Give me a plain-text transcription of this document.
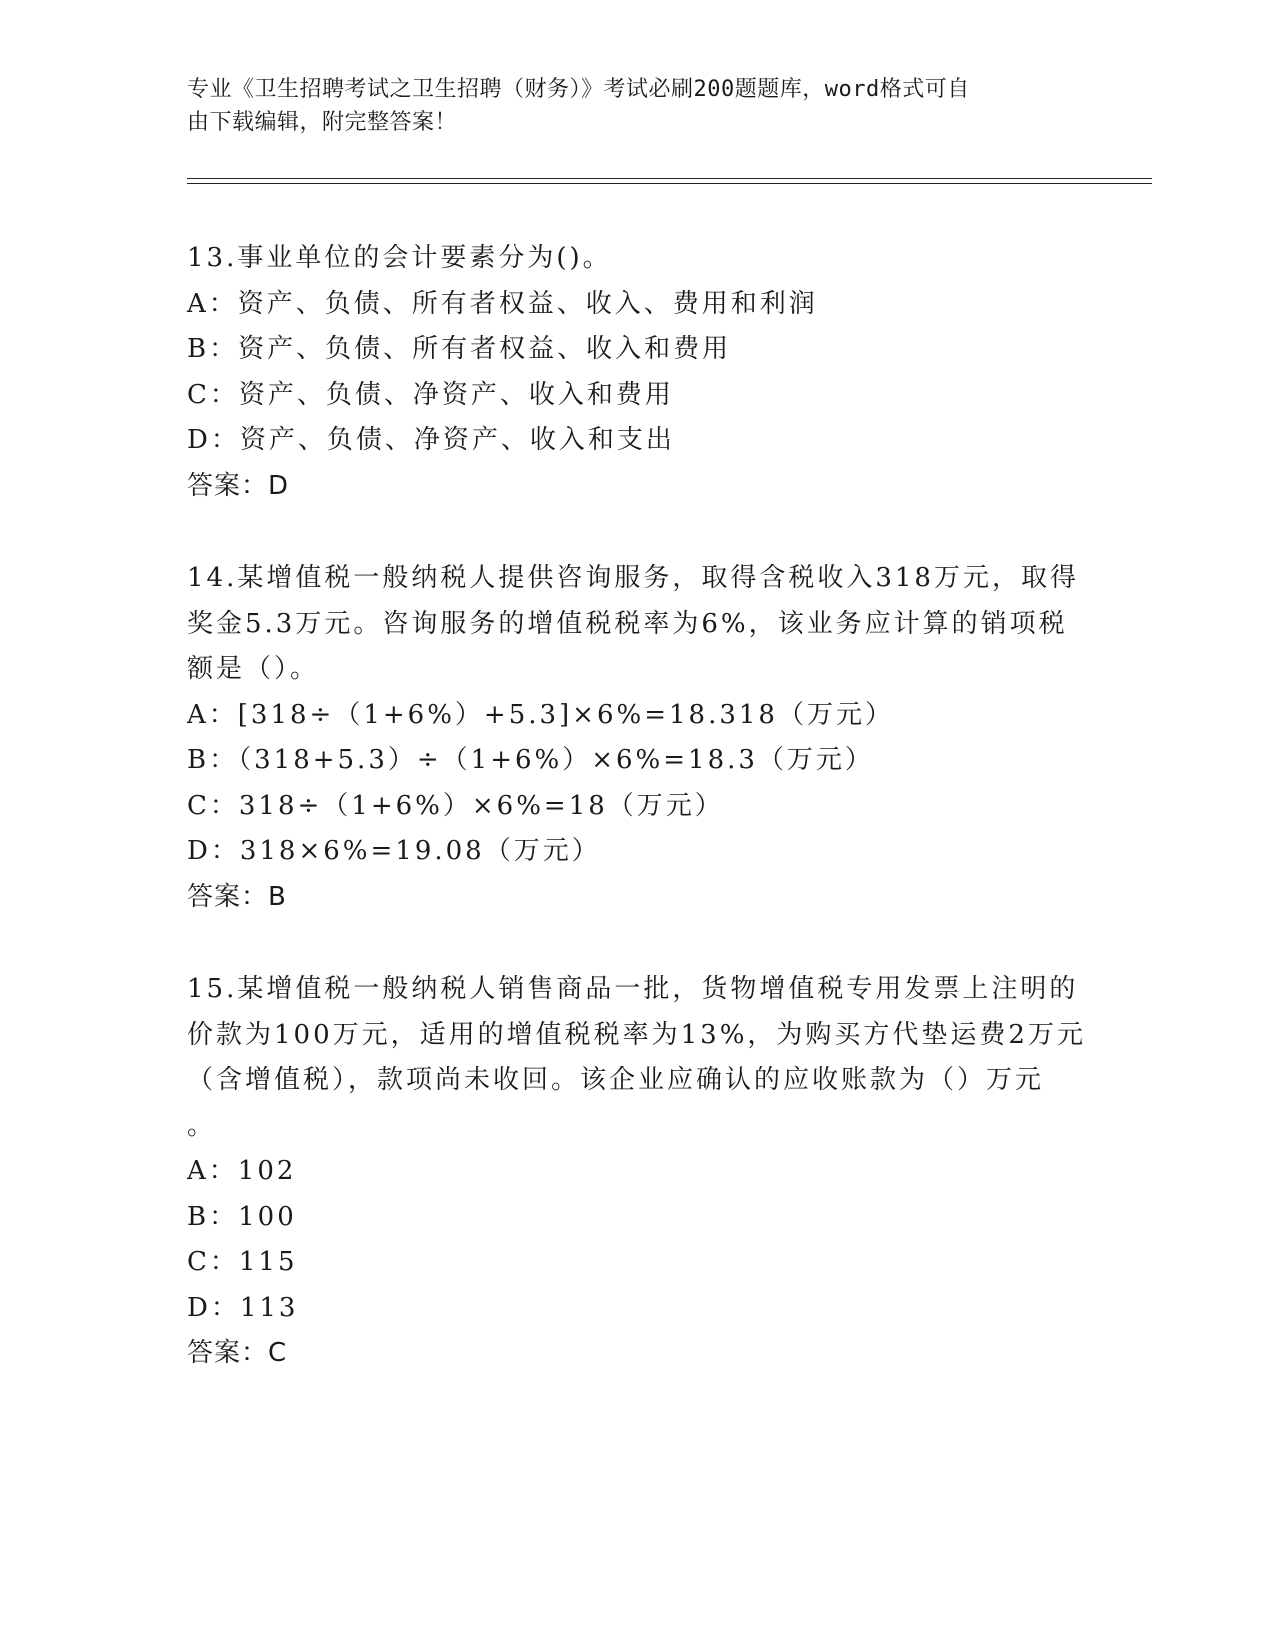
专业《卫生招聘考试之卫生招聘（财务）》考试必刷200题题库，word格式可自
由下载编辑，附完整答案！
13.事业单位的会计要素分为()。
A：资产、负债、所有者权益、收入、费用和利润
B：资产、负债、所有者权益、收入和费用
C：资产、负债、净资产、收入和费用
D：资产、负债、净资产、收入和支出
答案：D
14.某增值税一般纳税人提供咨询服务，取得含税收入318万元，取得
奖金5.3万元。咨询服务的增值税税率为6%，该业务应计算的销项税
额是（）。
A：[318÷（1+6%）+5.3]×6%=18.318（万元）
B：（318+5.3）÷（1+6%）×6%=18.3（万元）
C：318÷（1+6%）×6%=18（万元）
D：318×6%=19.08（万元）
答案：B
15.某增值税一般纳税人销售商品一批，货物增值税专用发票上注明的
价款为100万元，适用的增值税税率为13%，为购买方代垫运费2万元
（含增值税），款项尚未收回。该企业应确认的应收账款为（）万元
。
A：102
B：100
C：115
D：113
答案：C
